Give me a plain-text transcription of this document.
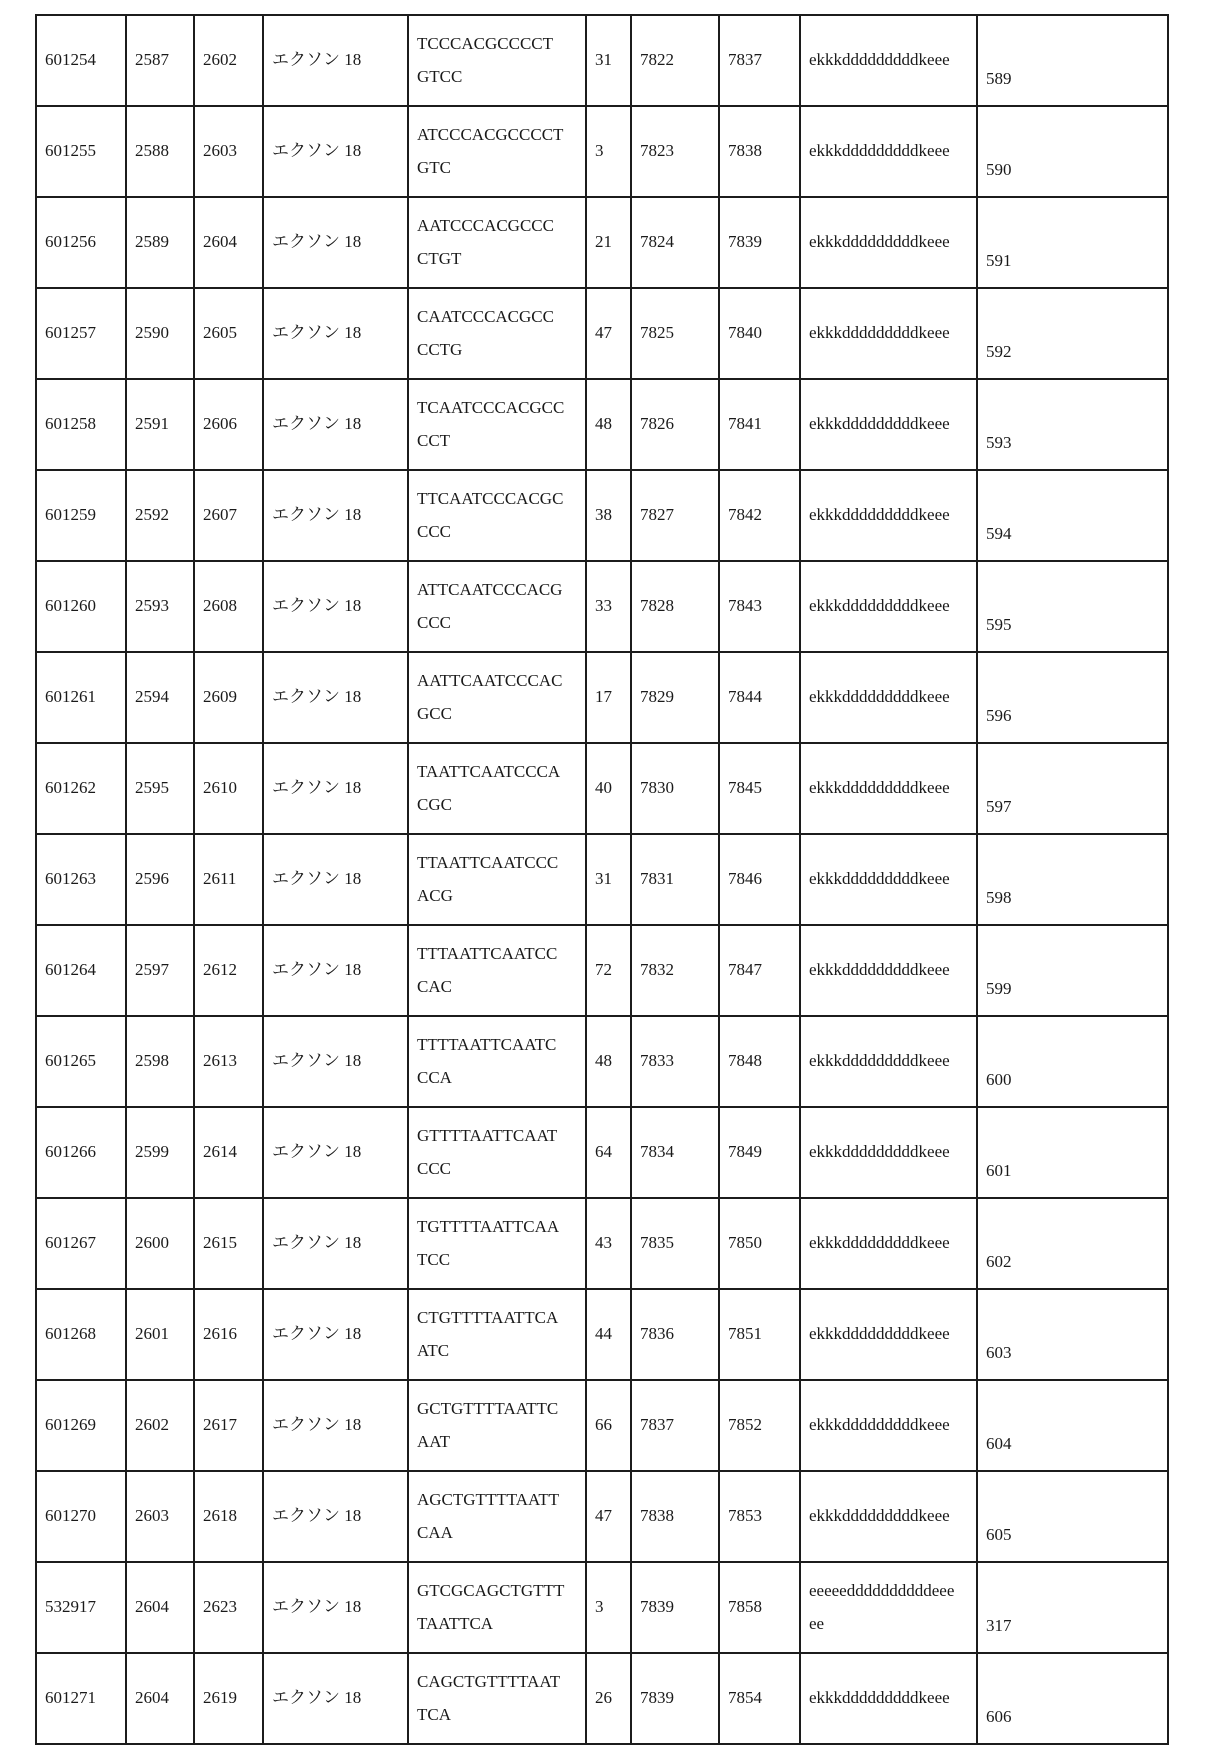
601254	2587	2602	エクソン 18	TCCCACGCCCCTGTCC	31	7822	7837	ekkkdddddddddkeee	589
601255	2588	2603	エクソン 18	ATCCCACGCCCCTGTC	3	7823	7838	ekkkdddddddddkeee	590
601256	2589	2604	エクソン 18	AATCCCACGCCCCTGT	21	7824	7839	ekkkdddddddddkeee	591
601257	2590	2605	エクソン 18	CAATCCCACGCCCCTG	47	7825	7840	ekkkdddddddddkeee	592
601258	2591	2606	エクソン 18	TCAATCCCACGCCCCT	48	7826	7841	ekkkdddddddddkeee	593
601259	2592	2607	エクソン 18	TTCAATCCCACGCCCC	38	7827	7842	ekkkdddddddddkeee	594
601260	2593	2608	エクソン 18	ATTCAATCCCACGCCC	33	7828	7843	ekkkdddddddddkeee	595
601261	2594	2609	エクソン 18	AATTCAATCCCACGCC	17	7829	7844	ekkkdddddddddkeee	596
601262	2595	2610	エクソン 18	TAATTCAATCCCACGC	40	7830	7845	ekkkdddddddddkeee	597
601263	2596	2611	エクソン 18	TTAATTCAATCCCACG	31	7831	7846	ekkkdddddddddkeee	598
601264	2597	2612	エクソン 18	TTTAATTCAATCCCAC	72	7832	7847	ekkkdddddddddkeee	599
601265	2598	2613	エクソン 18	TTTTAATTCAATCCCA	48	7833	7848	ekkkdddddddddkeee	600
601266	2599	2614	エクソン 18	GTTTTAATTCAATCCC	64	7834	7849	ekkkdddddddddkeee	601
601267	2600	2615	エクソン 18	TGTTTTAATTCAATCC	43	7835	7850	ekkkdddddddddkeee	602
601268	2601	2616	エクソン 18	CTGTTTTAATTCAATC	44	7836	7851	ekkkdddddddddkeee	603
601269	2602	2617	エクソン 18	GCTGTTTTAATTCAAT	66	7837	7852	ekkkdddddddddkeee	604
601270	2603	2618	エクソン 18	AGCTGTTTTAATTCAA	47	7838	7853	ekkkdddddddddkeee	605
532917	2604	2623	エクソン 18	GTCGCAGCTGTTTTAATTCA	3	7839	7858	eeeeeddddddddddeeeee	317
601271	2604	2619	エクソン 18	CAGCTGTTTTAATTCA	26	7839	7854	ekkkdddddddddkeee	606
